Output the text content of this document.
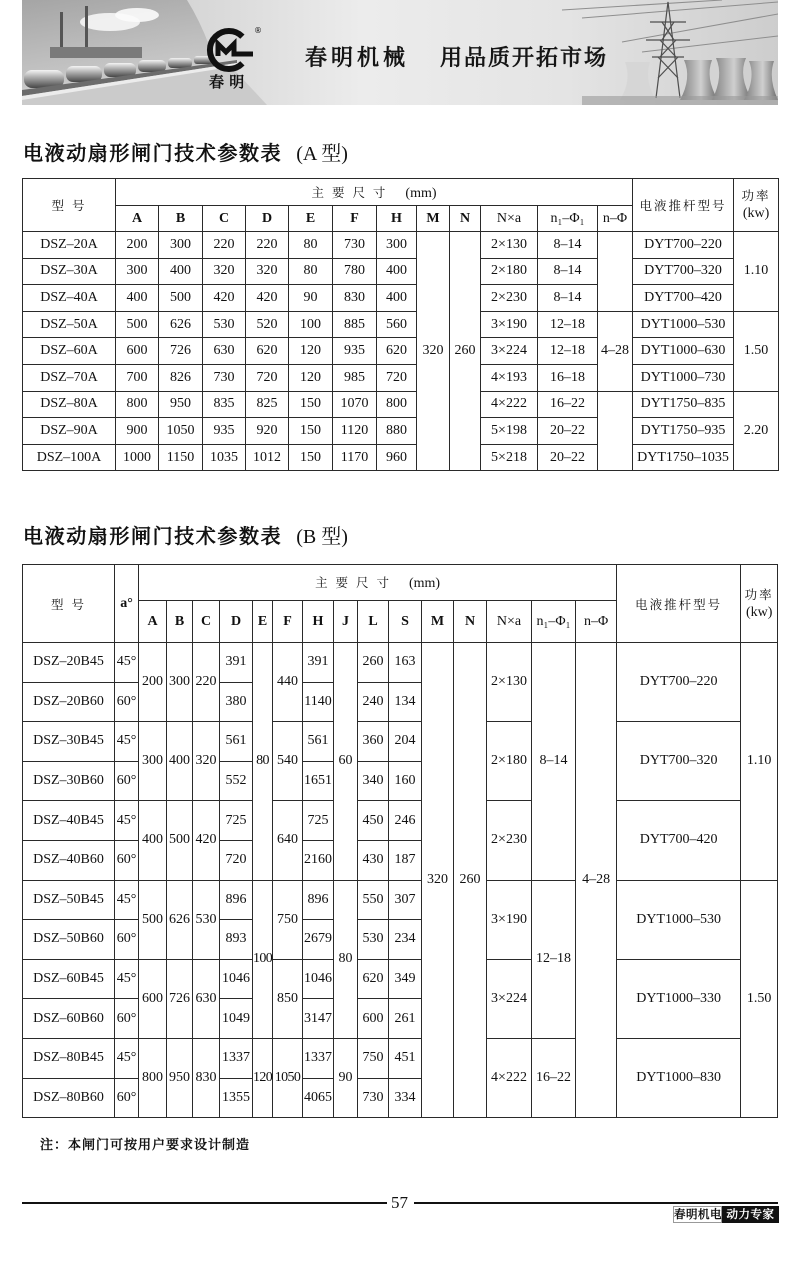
®
春 明
春明机械 用品质开拓市场
电液动扇形闸门技术参数表 (A 型)
型 号	主 要 尺 寸 (mm)												电液推杆型号	功率
(kw)

	A	B	C	D	E	F	H	M	N	N×a	n₁–Φ₁	n–Φ		
DSZ–20A	200	300	220	220	80	730	300	320	260	2×130	8–14		DYT700–220	1.10
DSZ–30A	300	400	320	320	80	780	400			2×180	8–14		DYT700–320	
DSZ–40A	400	500	420	420	90	830	400			2×230	8–14		DYT700–420	
DSZ–50A	500	626	530	520	100	885	560			3×190	12–18	4–28	DYT1000–530	1.50
DSZ–60A	600	726	630	620	120	935	620			3×224	12–18		DYT1000–630	
DSZ–70A	700	826	730	720	120	985	720			4×193	16–18		DYT1000–730	
DSZ–80A	800	950	835	825	150	1070	800			4×222	16–22		DYT1750–835	2.20
DSZ–90A	900	1050	935	920	150	1120	880			5×198	20–22		DYT1750–935	
DSZ–100A	1000	1150	1035	1012	150	1170	960			5×218	20–22		DYT1750–1035	
电液动扇形闸门技术参数表 (B 型)
型 号	a°	主 要 尺 寸 (mm)															电液推杆型号	功率
(kw)

		A	B	C	D	E	F	H	J	L	S	M	N	N×a	n₁–Φ₁	n–Φ		
DSZ–20B45	45°	200	300	220	391	80	440	391	60	260	163	320	260	2×130	8–14	4–28	DYT700–220	1.10
DSZ–20B60	60°				380			1140		240	134							
DSZ–30B45	45°	300	400	320	561		540	561		360	204			2×180			DYT700–320	
DSZ–30B60	60°				552			1651		340	160							
DSZ–40B45	45°	400	500	420	725		640	725		450	246			2×230			DYT700–420	
DSZ–40B60	60°				720			2160		430	187							
DSZ–50B45	45°	500	626	530	896	100	750	896	80	550	307			3×190	12–18		DYT1000–530	1.50
DSZ–50B60	60°				893			2679		530	234							
DSZ–60B45	45°	600	726	630	1046		850	1046		620	349			3×224			DYT1000–330	
DSZ–60B60	60°				1049			3147		600	261							
DSZ–80B45	45°	800	950	830	1337	120	1050	1337	90	750	451			4×222	16–22		DYT1000–830	
DSZ–80B60	60°				1355			4065		730	334							
注：本闸门可按用户要求设计制造
57
春明机电 动力专家
